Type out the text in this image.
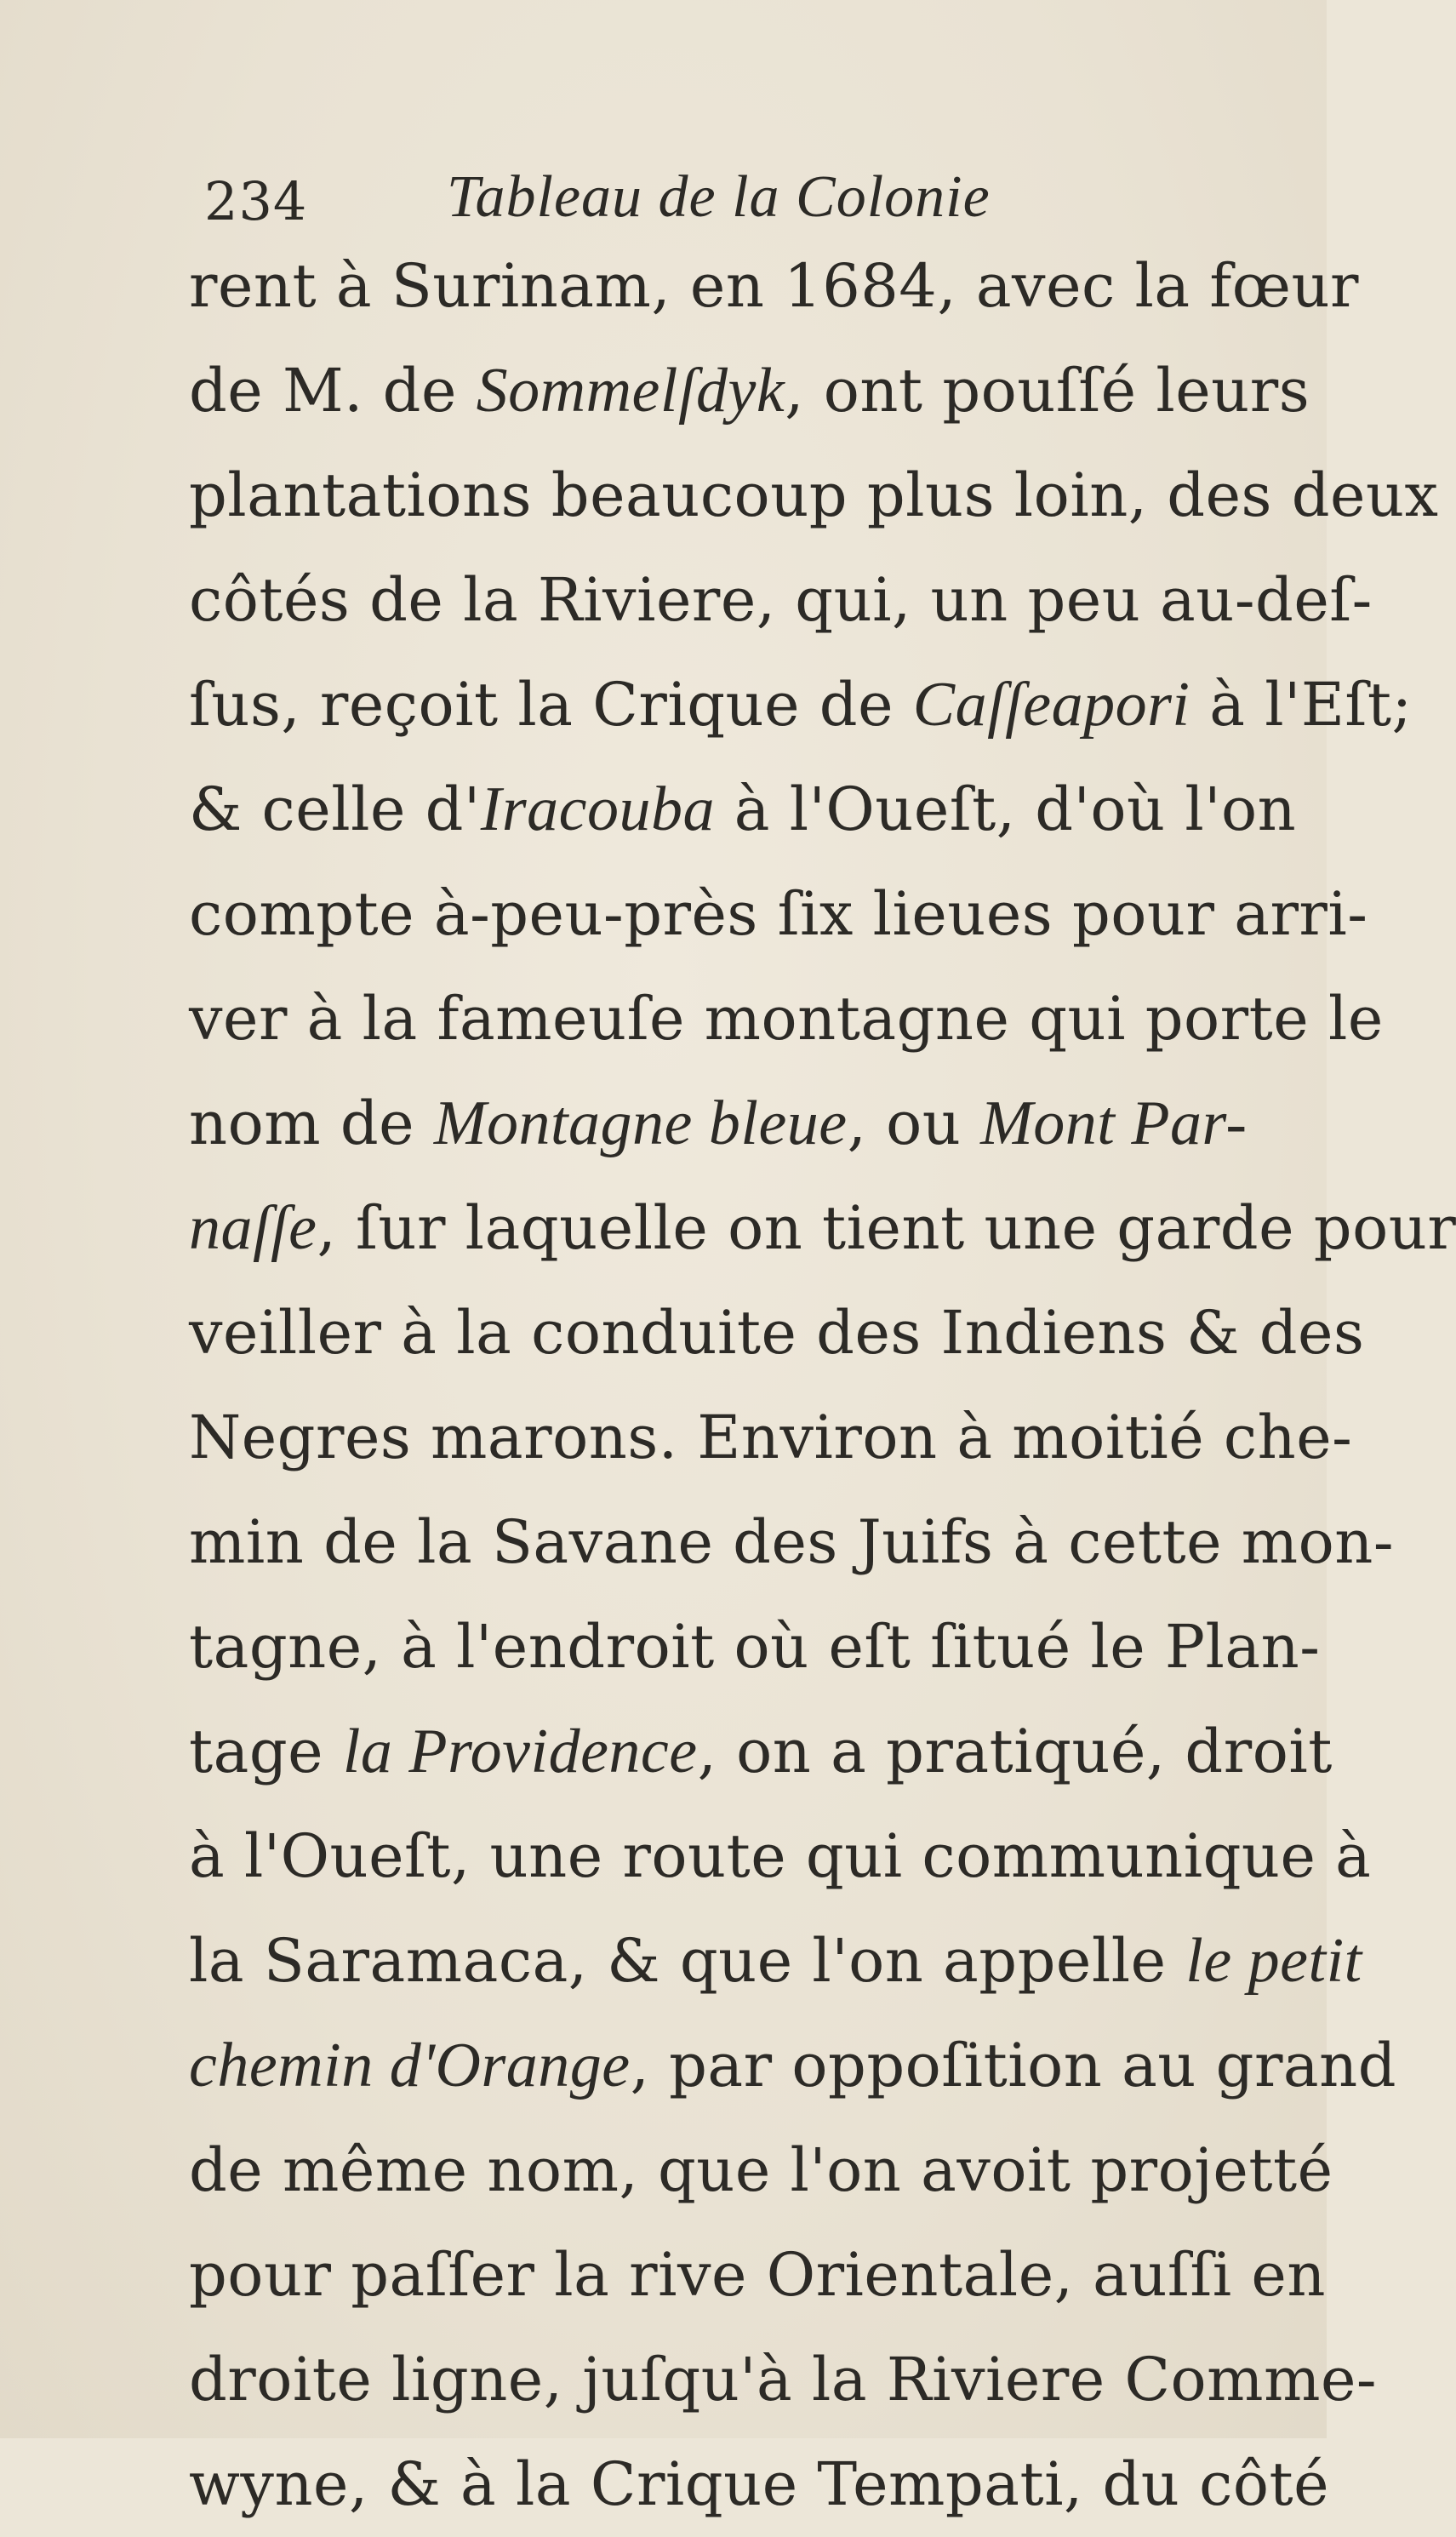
234 Tableau de la Colonie
rent à Surinam, en 1684, avec la fœur
de M. de Sommelſdyk, ont pouſſé leurs
plantations beaucoup plus loin, des deux
côtés de la Riviere, qui, un peu au-deſ-
ſus, reçoit la Crique de Caſſeapori à l'Eſt;
& celle d'Iracouba à l'Oueſt, d'où l'on
compte à-peu-près ſix lieues pour arri-
ver à la fameuſe montagne qui porte le
nom de Montagne bleue, ou Mont Par-
naſſe, ſur laquelle on tient une garde pour
veiller à la conduite des Indiens & des
Negres marons. Environ à moitié che-
min de la Savane des Juifs à cette mon-
tagne, à l'endroit où eſt ſitué le Plan-
tage la Providence, on a pratiqué, droit
à l'Oueſt, une route qui communique à
la Saramaca, & que l'on appelle le petit
chemin d'Orange, par oppoſition au grand
de même nom, que l'on avoit projetté
pour paſſer la rive Orientale, auſſi en
droite ligne, juſqu'à la Riviere Comme-
wyne, & à la Crique Tempati, du côté
